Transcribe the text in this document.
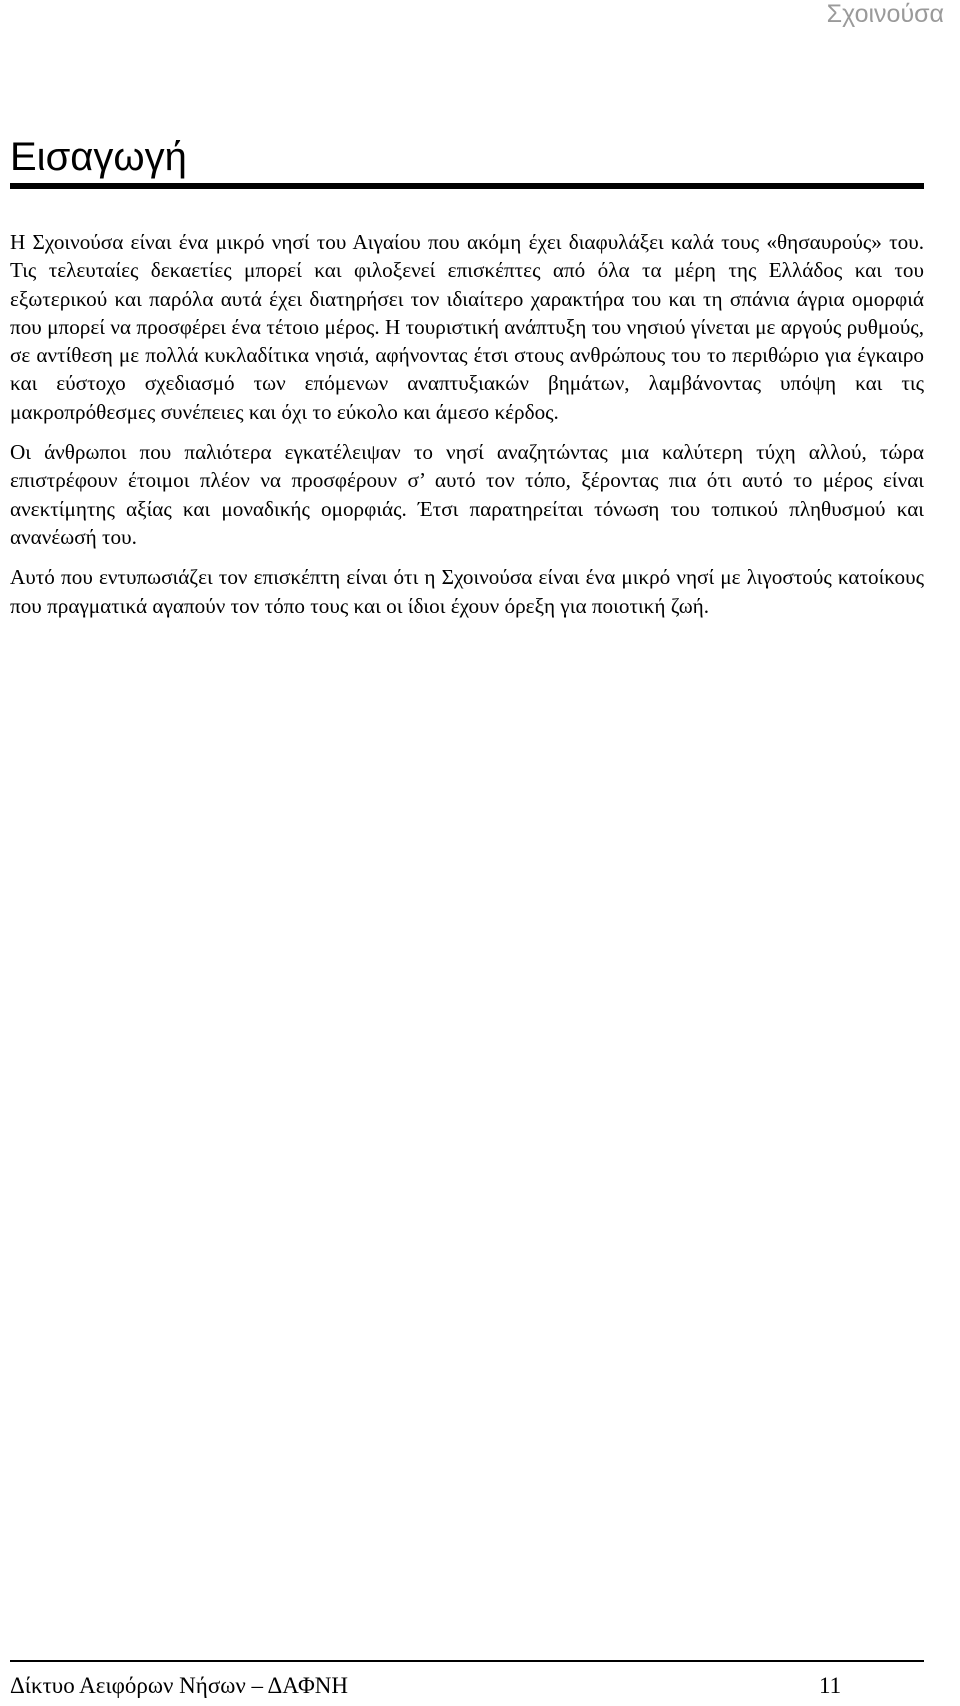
Σχοινούσα
Εισαγωγή

Η Σχοινούσα είναι ένα μικρό νησί του Αιγαίου που ακόμη έχει διαφυλάξει καλά τους «θησαυρούς» του. Τις τελευταίες δεκαετίες μπορεί και φιλοξενεί επισκέπτες από όλα τα μέρη της Ελλάδος και του εξωτερικού και παρόλα αυτά έχει διατηρήσει τον ιδιαίτερο χαρακτήρα του και τη σπάνια άγρια ομορφιά που μπορεί να προσφέρει ένα τέτοιο μέρος. Η τουριστική ανάπτυξη του νησιού γίνεται με αργούς ρυθμούς, σε αντίθεση με πολλά κυκλαδίτικα νησιά, αφήνοντας έτσι στους ανθρώπους του το περιθώριο για έγκαιρο και εύστοχο σχεδιασμό των επόμενων αναπτυξιακών βημάτων, λαμβάνοντας υπόψη και τις μακροπρόθεσμες συνέπειες και όχι το εύκολο και άμεσο κέρδος.

Οι άνθρωποι που παλιότερα εγκατέλειψαν το νησί αναζητώντας μια καλύτερη τύχη αλλού, τώρα επιστρέφουν έτοιμοι πλέον να προσφέρουν σ’ αυτό τον τόπο, ξέροντας πια ότι αυτό το μέρος είναι ανεκτίμητης αξίας και μοναδικής ομορφιάς. Έτσι παρατηρείται τόνωση του τοπικού πληθυσμού και ανανέωσή του.

Αυτό που εντυπωσιάζει τον επισκέπτη είναι ότι η Σχοινούσα είναι ένα μικρό νησί με λιγοστούς κατοίκους που πραγματικά αγαπούν τον τόπο τους και οι ίδιοι έχουν όρεξη για ποιοτική ζωή.

Δίκτυο Αειφόρων Νήσων – ΔΑΦΝΗ	11
